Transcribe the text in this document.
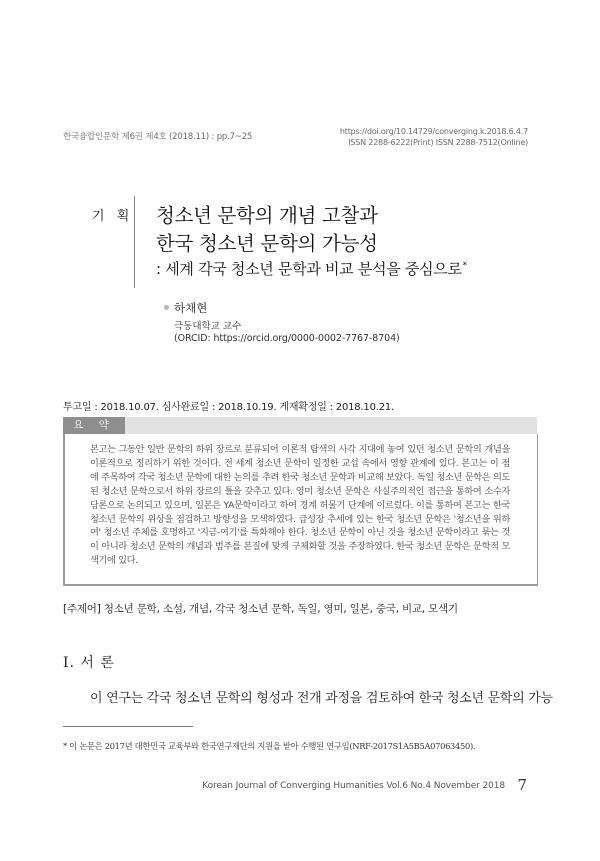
한국융합인문학 제6권 제4호 (2018.11) : pp.7~25
https://doi.org/10.14729/converging.k.2018.6.4.7
ISSN 2288-6222(Print) ISSN 2288-7512(Online)
기 획 청소년 문학의 개념 고찰과
한국 청소년 문학의 가능성
: 세계 각국 청소년 문학과 비교 분석을 중심으로*
하채현
극동대학교 교수
(ORCID: https://orcid.org/0000-0002-7767-8704)
투고일 : 2018.10.07. 심사완료일 : 2018.10.19. 게재확정일 : 2018.10.21.
요 약
본고는 그동안 일반 문학의 하위 장르로 분류되어 이론적 탐색의 사각 지대에 놓여 있던 청소년 문학의 개념을 이론적으로 정리하기 위한 것이다. 전 세계 청소년 문학이 일정한 교섭 속에서 영향 관계에 있다. 본고는 이 점에 주목하여 각국 청소년 문학에 대한 논의를 추려 한국 청소년 문학과 비교해 보았다. 독일 청소년 문학은 의도된 청소년 문학으로서 하위 장르의 틀을 갖추고 있다. 영미 청소년 문학은 사실주의적인 접근을 통하여 소수자 담론으로 논의되고 있으며, 일본은 YA문학이라고 하여 경계 허물기 단계에 이르렀다. 이를 통하여 본고는 한국 청소년 문학의 위상을 점검하고 방향성을 모색하였다. 급성장 추세에 있는 한국 청소년 문학은 '청소년을 위하여' 청소년 주체를 호명하고 '지금-여기'를 특화해야 한다. 청소년 문학이 아닌 것을 청소년 문학이라고 묶는 것이 아니라 청소년 문학의 개념과 범주를 본질에 맞게 구체화할 것을 주장하였다. 한국 청소년 문학은 문학적 모색기에 있다.
[주제어] 청소년 문학, 소설, 개념, 각국 청소년 문학, 독일, 영미, 일본, 중국, 비교, 모색기
I. 서 론
이 연구는 각국 청소년 문학의 형성과 전개 과정을 검토하여 한국 청소년 문학의 가능
* 이 논문은 2017년 대한민국 교육부와 한국연구재단의 지원을 받아 수행된 연구임(NRF-2017S1A5B5A07063450).
Korean Journal of Converging Humanities Vol.6 No.4 November 2018 7
